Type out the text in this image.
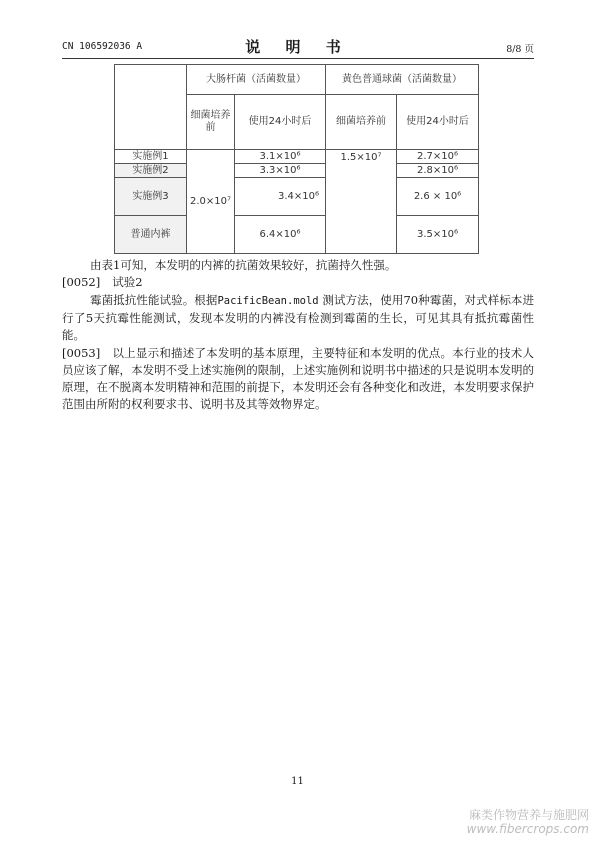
CN 106592036 A	说 明 书	8/8 页
	大肠杆菌（活菌数量）		黄色普通球菌（活菌数量）	
	细菌培养前	使用24小时后	细菌培养前	使用24小时后
实施例1	2.0×10⁷	3.1×10⁶	1.5×10⁷	2.7×10⁶
实施例2		3.3×10⁶		2.8×10⁶
实施例3		3.4×10⁶		2.6 × 10⁶
普通内裤		6.4×10⁶		3.5×10⁶
由表1可知，本发明的内裤的抗菌效果较好，抗菌持久性强。
[0052] 试验2
霉菌抵抗性能试验。根据PacificBean.mold 测试方法，使用70种霉菌，对式样标本进行了5天抗霉性能测试，发现本发明的内裤没有检测到霉菌的生长，可见其具有抵抗霉菌性能。
[0053] 以上显示和描述了本发明的基本原理，主要特征和本发明的优点。本行业的技术人员应该了解，本发明不受上述实施例的限制，上述实施例和说明书中描述的只是说明本发明的原理，在不脱离本发明精神和范围的前提下，本发明还会有各种变化和改进，本发明要求保护范围由所附的权利要求书、说明书及其等效物界定。
11
麻类作物营养与施肥网
www.fibercrops.com
